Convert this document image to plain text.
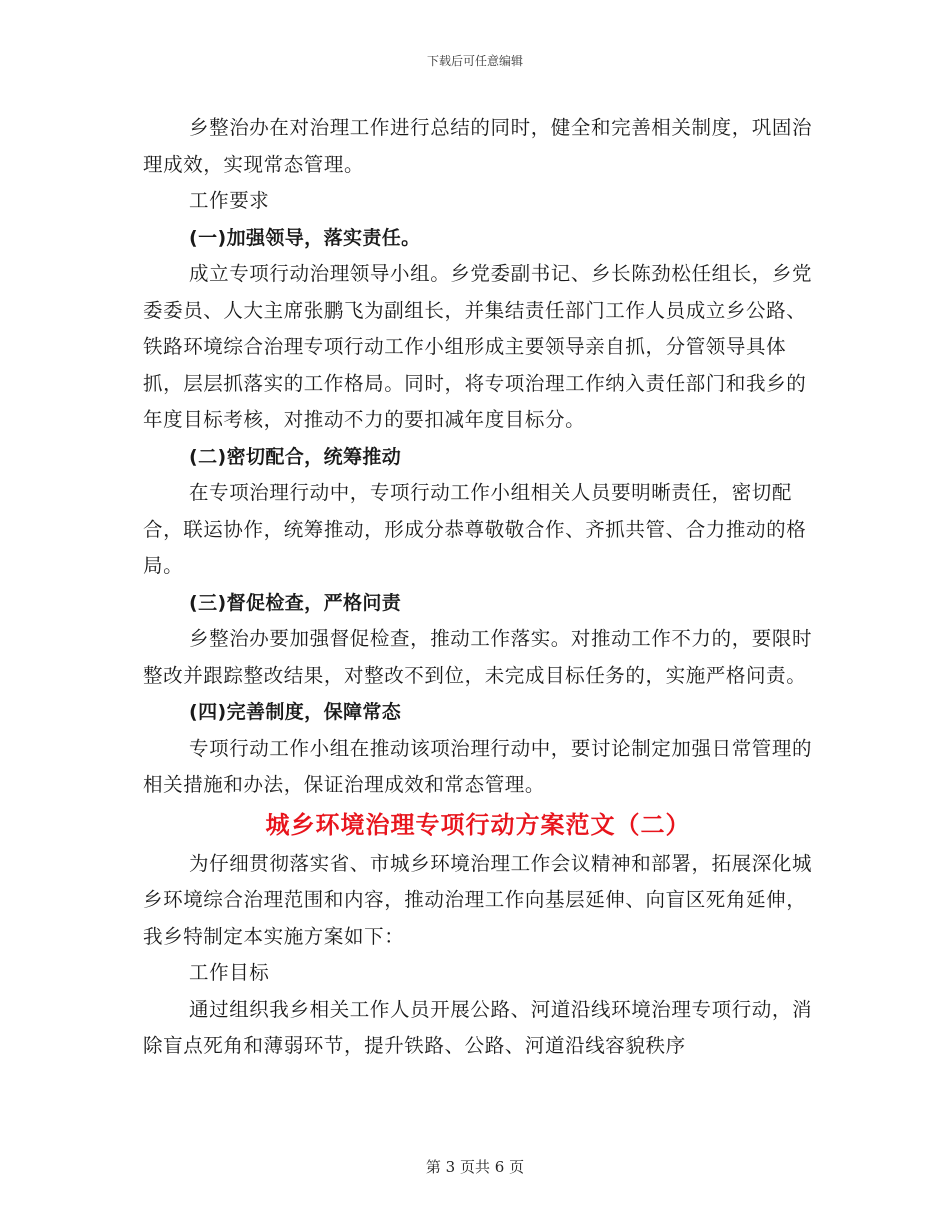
下载后可任意编辑

乡整治办在对治理工作进行总结的同时，健全和完善相关制度，巩固治理成效，实现常态管理。

工作要求

(一)加强领导，落实责任。

成立专项行动治理领导小组。乡党委副书记、乡长陈劲松任组长，乡党委委员、人大主席张鹏飞为副组长，并集结责任部门工作人员成立乡公路、铁路环境综合治理专项行动工作小组形成主要领导亲自抓，分管领导具体抓，层层抓落实的工作格局。同时，将专项治理工作纳入责任部门和我乡的年度目标考核，对推动不力的要扣减年度目标分。

(二)密切配合，统筹推动

在专项治理行动中，专项行动工作小组相关人员要明晰责任，密切配合，联运协作，统筹推动，形成分恭尊敬敬合作、齐抓共管、合力推动的格局。

(三)督促检查，严格问责

乡整治办要加强督促检查，推动工作落实。对推动工作不力的，要限时整改并跟踪整改结果，对整改不到位，未完成目标任务的，实施严格问责。

(四)完善制度，保障常态

专项行动工作小组在推动该项治理行动中，要讨论制定加强日常管理的相关措施和办法，保证治理成效和常态管理。

城乡环境治理专项行动方案范文（二）

为仔细贯彻落实省、市城乡环境治理工作会议精神和部署，拓展深化城乡环境综合治理范围和内容，推动治理工作向基层延伸、向盲区死角延伸，我乡特制定本实施方案如下：

工作目标

通过组织我乡相关工作人员开展公路、河道沿线环境治理专项行动，消除盲点死角和薄弱环节，提升铁路、公路、河道沿线容貌秩序

第 3 页共 6 页
